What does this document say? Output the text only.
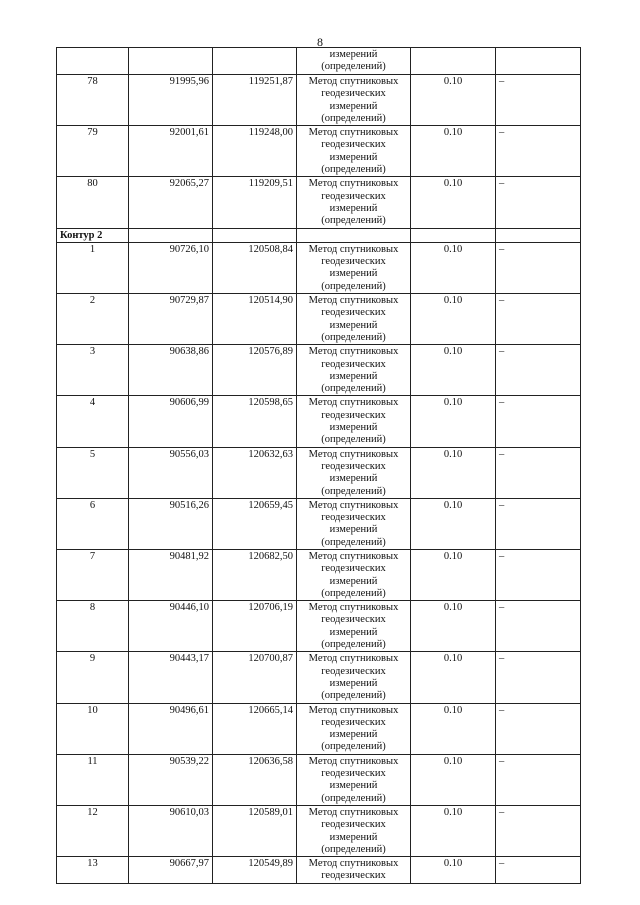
8

			измерений
(определений)		

78	91995,96	119251,87	Метод спутниковых
геодезических
измерений
(определений)	0.10	–
79	92001,61	119248,00	Метод спутниковых
геодезических
измерений
(определений)	0.10	–
80	92065,27	119209,51	Метод спутниковых
геодезических
измерений
(определений)	0.10	–
Контур 2					
1	90726,10	120508,84	Метод спутниковых
геодезических
измерений
(определений)	0.10	–
2	90729,87	120514,90	Метод спутниковых
геодезических
измерений
(определений)	0.10	–
3	90638,86	120576,89	Метод спутниковых
геодезических
измерений
(определений)	0.10	–
4	90606,99	120598,65	Метод спутниковых
геодезических
измерений
(определений)	0.10	–
5	90556,03	120632,63	Метод спутниковых
геодезических
измерений
(определений)	0.10	–
6	90516,26	120659,45	Метод спутниковых
геодезических
измерений
(определений)	0.10	–
7	90481,92	120682,50	Метод спутниковых
геодезических
измерений
(определений)	0.10	–
8	90446,10	120706,19	Метод спутниковых
геодезических
измерений
(определений)	0.10	–
9	90443,17	120700,87	Метод спутниковых
геодезических
измерений
(определений)	0.10	–
10	90496,61	120665,14	Метод спутниковых
геодезических
измерений
(определений)	0.10	–
11	90539,22	120636,58	Метод спутниковых
геодезических
измерений
(определений)	0.10	–
12	90610,03	120589,01	Метод спутниковых
геодезических
измерений
(определений)	0.10	–
13	90667,97	120549,89	Метод спутниковых
геодезических	0.10	–
